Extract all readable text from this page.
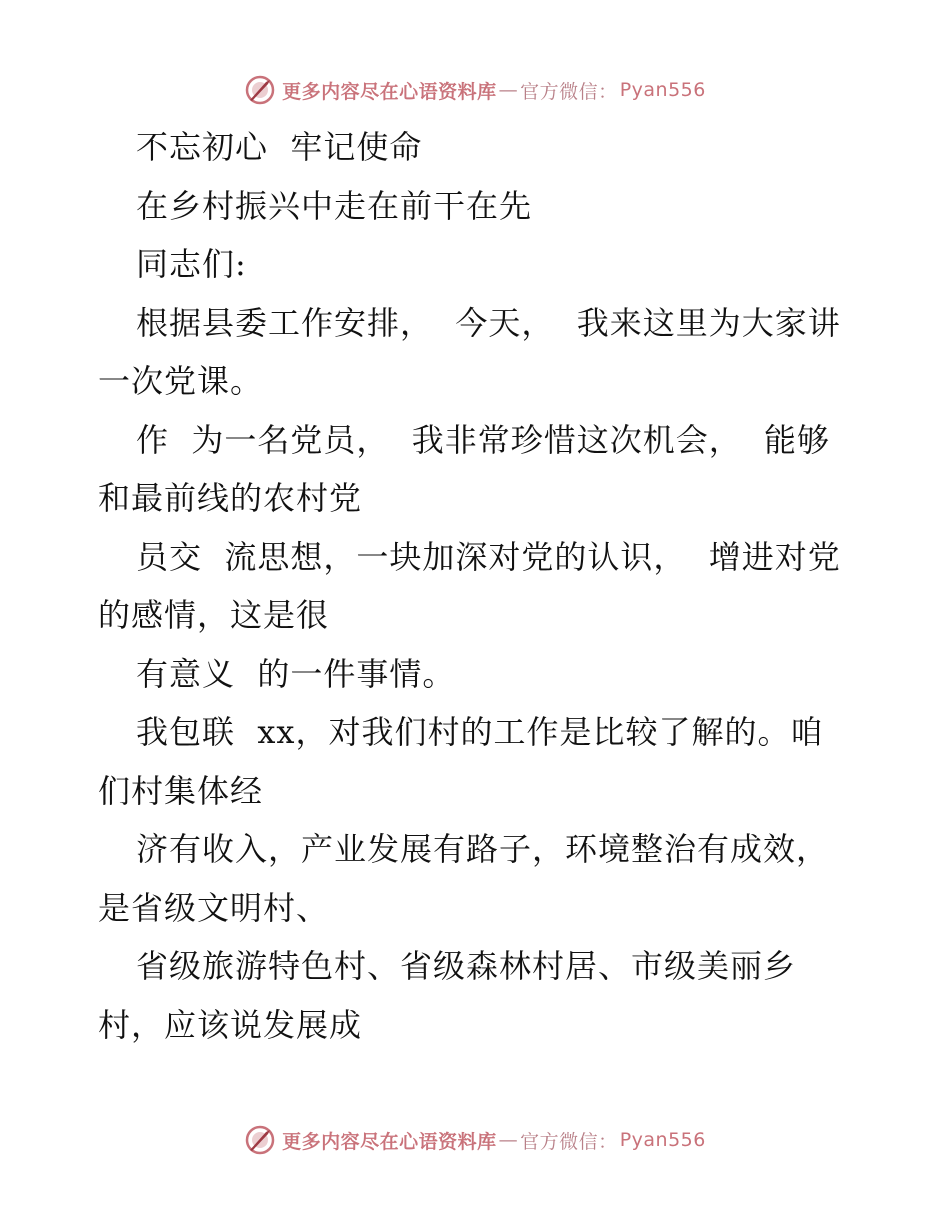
更多内容尽在心语资料库 — 官方微信： Pyan556
不忘初心  牢记使命
在乡村振兴中走在前干在先
同志们:
根据县委工作安排，  今天，  我来这里为大家讲
一次党课。
作  为一名党员，  我非常珍惜这次机会，  能够
和最前线的农村党
员交  流思想，一块加深对党的认识，  增进对党
的感情，这是很
有意义  的一件事情。
我包联  xx，对我们村的工作是比较了解的。咱
们村集体经
济有收入，产业发展有路子，环境整治有成效，
是省级文明村、
省级旅游特色村、省级森林村居、市级美丽乡
村，应该说发展成
更多内容尽在心语资料库 — 官方微信： Pyan556
